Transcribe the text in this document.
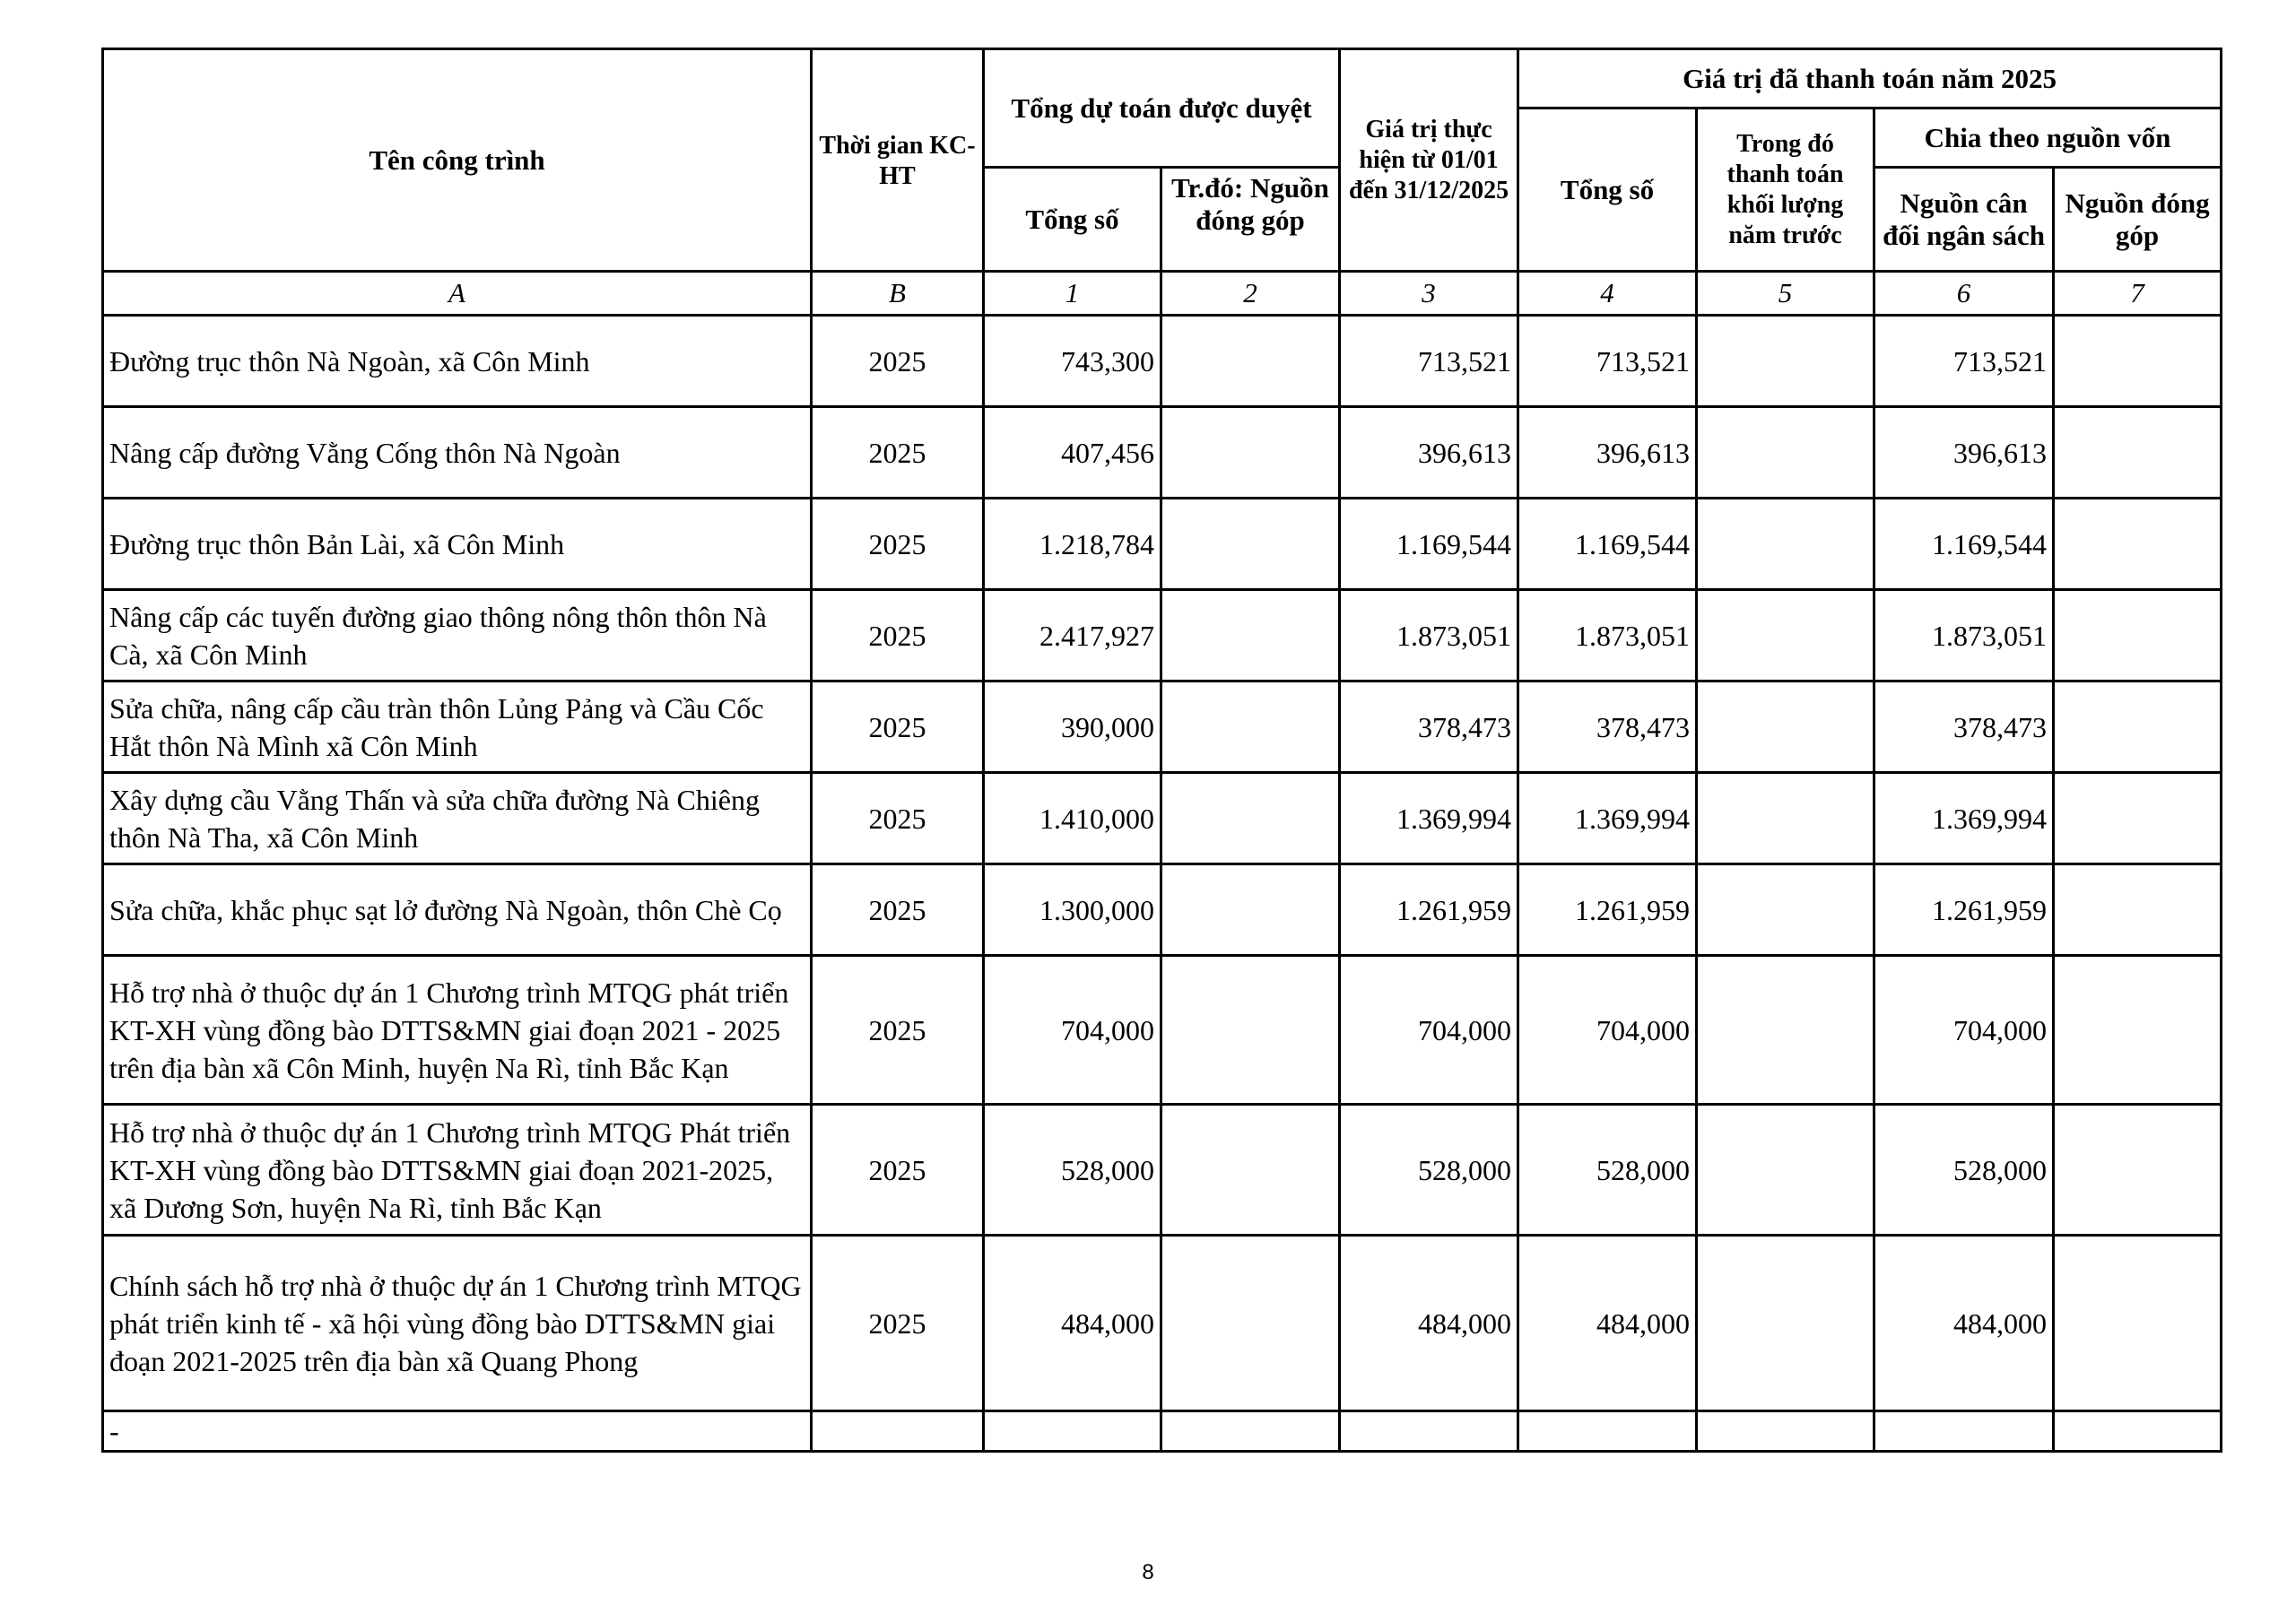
Tên công trình	Thời gian KC-HT	Tổng dự toán được duyệt		Giá trị thực hiện từ 01/01 đến 31/12/2025	Giá trị đã thanh toán năm 2025			
					Tổng số	Trong đó thanh toán khối lượng năm trước	Chia theo nguồn vốn	
		Tổng số	Tr.đó: Nguồn đóng góp				Nguồn cân đối ngân sách	Nguồn đóng góp
A	B	1	2	3	4	5	6	7
Đường trục thôn Nà Ngoàn, xã Côn Minh	2025	743,300		713,521	713,521		713,521	
Nâng cấp đường Vằng Cống thôn Nà Ngoàn	2025	407,456		396,613	396,613		396,613	
Đường trục thôn Bản Lài, xã Côn Minh	2025	1.218,784		1.169,544	1.169,544		1.169,544	
Nâng cấp các tuyến đường giao thông nông thôn thôn Nà Cà, xã Côn Minh	2025	2.417,927		1.873,051	1.873,051		1.873,051	
Sửa chữa, nâng cấp cầu tràn thôn Lủng Pảng và Cầu Cốc Hắt thôn Nà Mình xã Côn Minh	2025	390,000		378,473	378,473		378,473	
Xây dựng cầu Vằng Thấn và sửa chữa đường Nà Chiêng thôn Nà Tha, xã Côn Minh	2025	1.410,000		1.369,994	1.369,994		1.369,994	
Sửa chữa, khắc phục sạt lở đường Nà Ngoàn, thôn Chè Cọ	2025	1.300,000		1.261,959	1.261,959		1.261,959	
Hỗ trợ nhà ở thuộc dự án 1 Chương trình MTQG phát triển KT-XH vùng đồng bào DTTS&MN giai đoạn 2021 - 2025 trên địa bàn xã Côn Minh, huyện Na Rì, tỉnh Bắc Kạn	2025	704,000		704,000	704,000		704,000	
Hỗ trợ nhà ở thuộc dự án 1 Chương trình MTQG Phát triển KT-XH vùng đồng bào DTTS&MN giai đoạn 2021-2025, xã Dương Sơn, huyện Na Rì, tỉnh Bắc Kạn	2025	528,000		528,000	528,000		528,000	
Chính sách hỗ trợ nhà ở thuộc dự án 1 Chương trình MTQG phát triển kinh tế - xã hội vùng đồng bào DTTS&MN giai đoạn 2021-2025 trên địa bàn xã Quang Phong	2025	484,000		484,000	484,000		484,000	
-								
8
